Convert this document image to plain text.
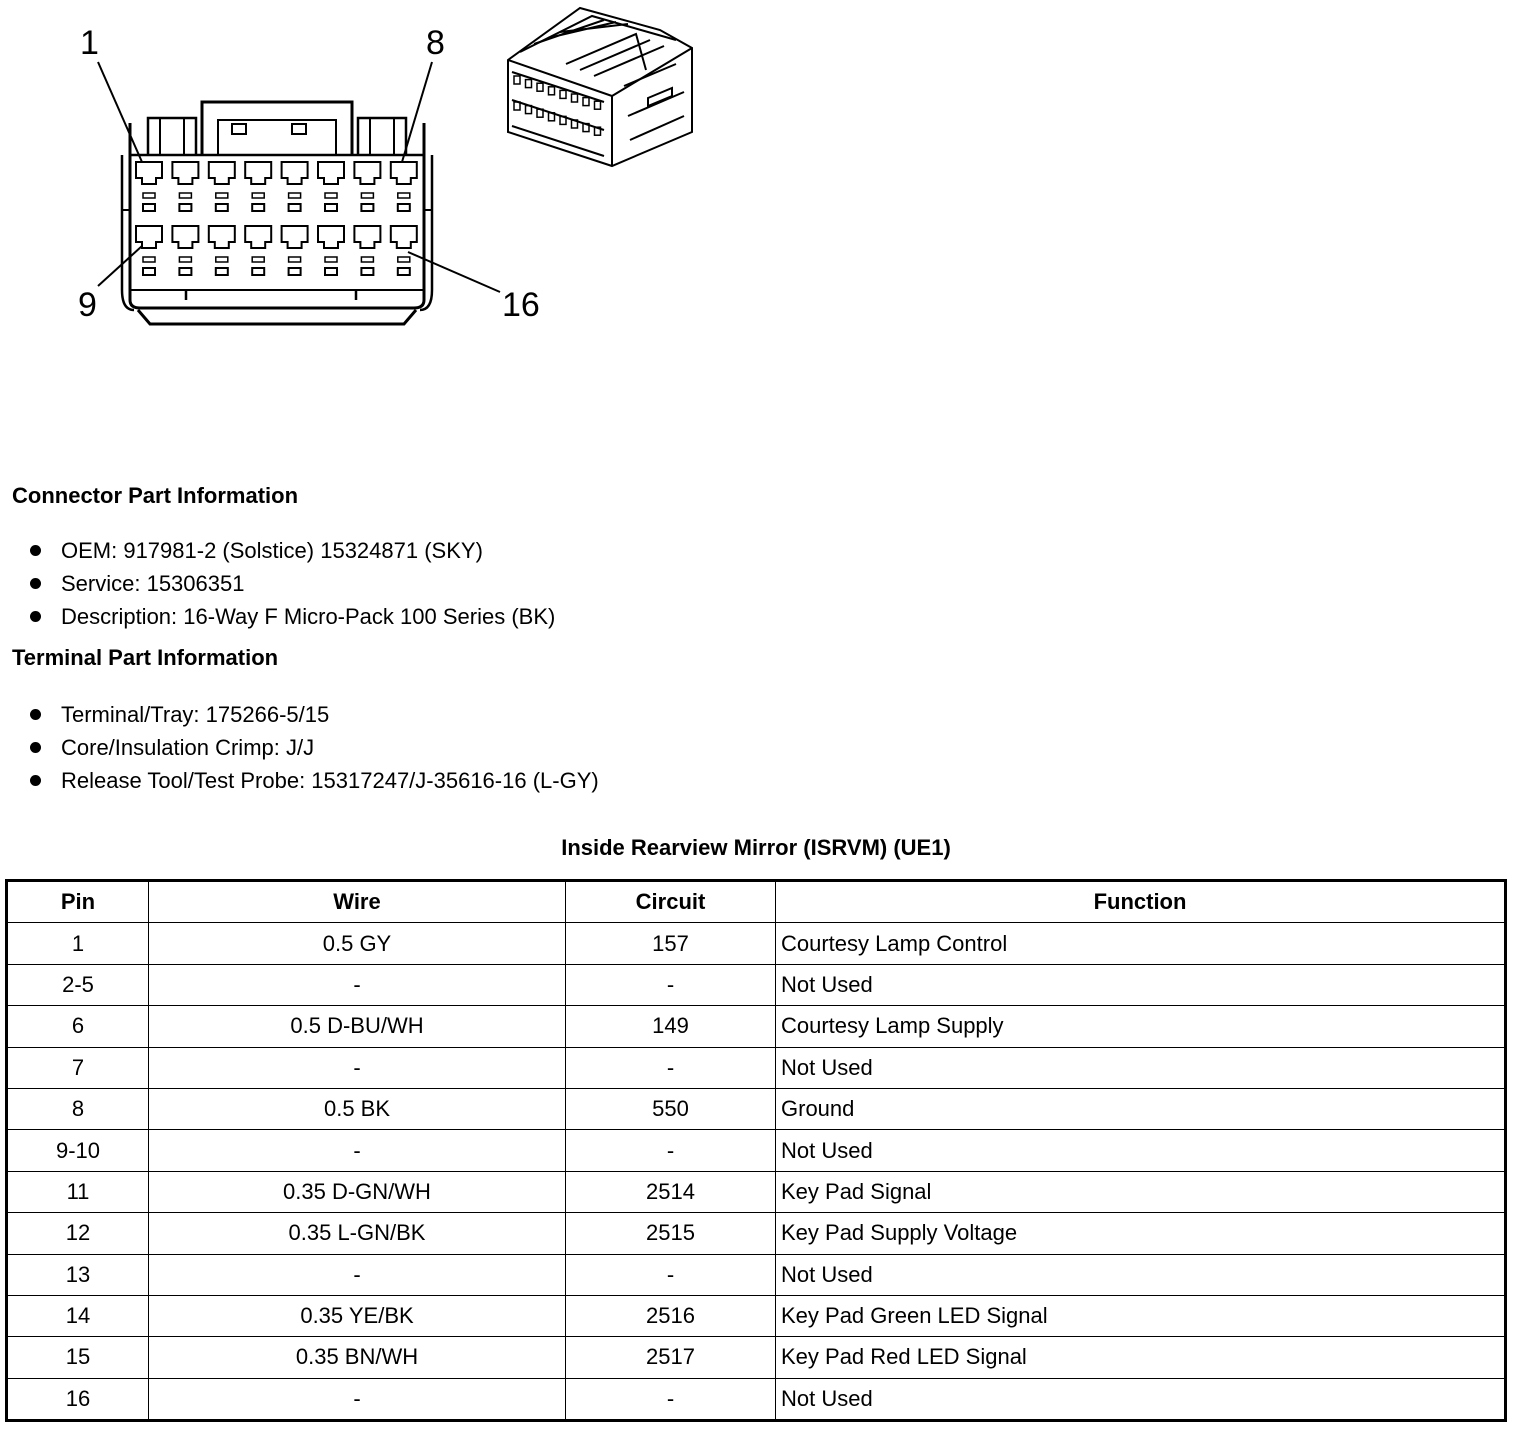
1	8
9	16
Connector Part Information
OEM: 917981-2 (Solstice) 15324871 (SKY)
Service: 15306351
Description: 16-Way F Micro-Pack 100 Series (BK)
Terminal Part Information
Terminal/Tray: 175266-5/15
Core/Insulation Crimp: J/J
Release Tool/Test Probe: 15317247/J-35616-16 (L-GY)
Inside Rearview Mirror (ISRVM) (UE1)
Pin	Wire	Circuit	Function
1	0.5 GY	157	Courtesy Lamp Control
2-5	-	-	Not Used
6	0.5 D-BU/WH	149	Courtesy Lamp Supply
7	-	-	Not Used
8	0.5 BK	550	Ground
9-10	-	-	Not Used
11	0.35 D-GN/WH	2514	Key Pad Signal
12	0.35 L-GN/BK	2515	Key Pad Supply Voltage
13	-	-	Not Used
14	0.35 YE/BK	2516	Key Pad Green LED Signal
15	0.35 BN/WH	2517	Key Pad Red LED Signal
16	-	-	Not Used
